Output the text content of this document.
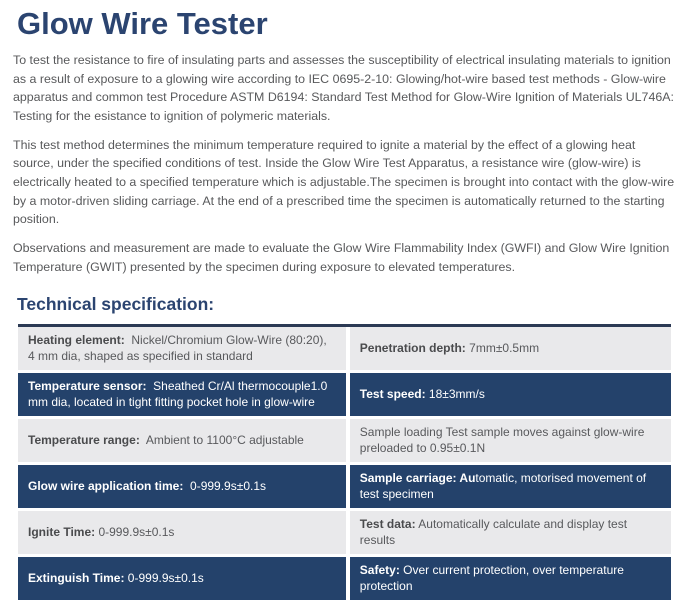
Glow Wire Tester

To test the resistance to fire of insulating parts and assesses the susceptibility of electrical insulating materials to ignition as a result of exposure to a glowing wire according to IEC 0695-2-10: Glowing/hot-wire based test methods - Glow-wire apparatus and common test Procedure ASTM D6194: Standard Test Method for Glow-Wire Ignition of Materials UL746A: Testing for the esistance to ignition of polymeric materials.

This test method determines the minimum temperature required to ignite a material by the effect of a glowing heat source, under the specified conditions of test. Inside the Glow Wire Test Apparatus, a resistance wire (glow-wire) is electrically heated to a specified temperature which is adjustable.The specimen is brought into contact with the glow-wire by a motor-driven sliding carriage. At the end of a prescribed time the specimen is automatically returned to the starting position.

Observations and measurement are made to evaluate the Glow Wire Flammability Index (GWFI) and Glow Wire Ignition Temperature (GWIT) presented by the specimen during exposure to elevated temperatures.

Technical specification:
Heating element:  Nickel/Chromium Glow-Wire (80:20), 4 mm dia, shaped as specified in standard	Penetration depth: 7mm±0.5mm
Temperature sensor:  Sheathed Cr/Al thermocouple1.0 mm dia, located in tight fitting pocket hole in glow-wire	Test speed: 18±3mm/s
Temperature range:  Ambient to 1100°C adjustable	Sample loading Test sample moves against glow-wire preloaded to 0.95±0.1N
Glow wire application time:  0-999.9s±0.1s	Sample carriage: Automatic, motorised movement of test specimen
Ignite Time: 0-999.9s±0.1s	Test data: Automatically calculate and display test results
Extinguish Time: 0-999.9s±0.1s	Safety: Over current protection, over temperature protection
